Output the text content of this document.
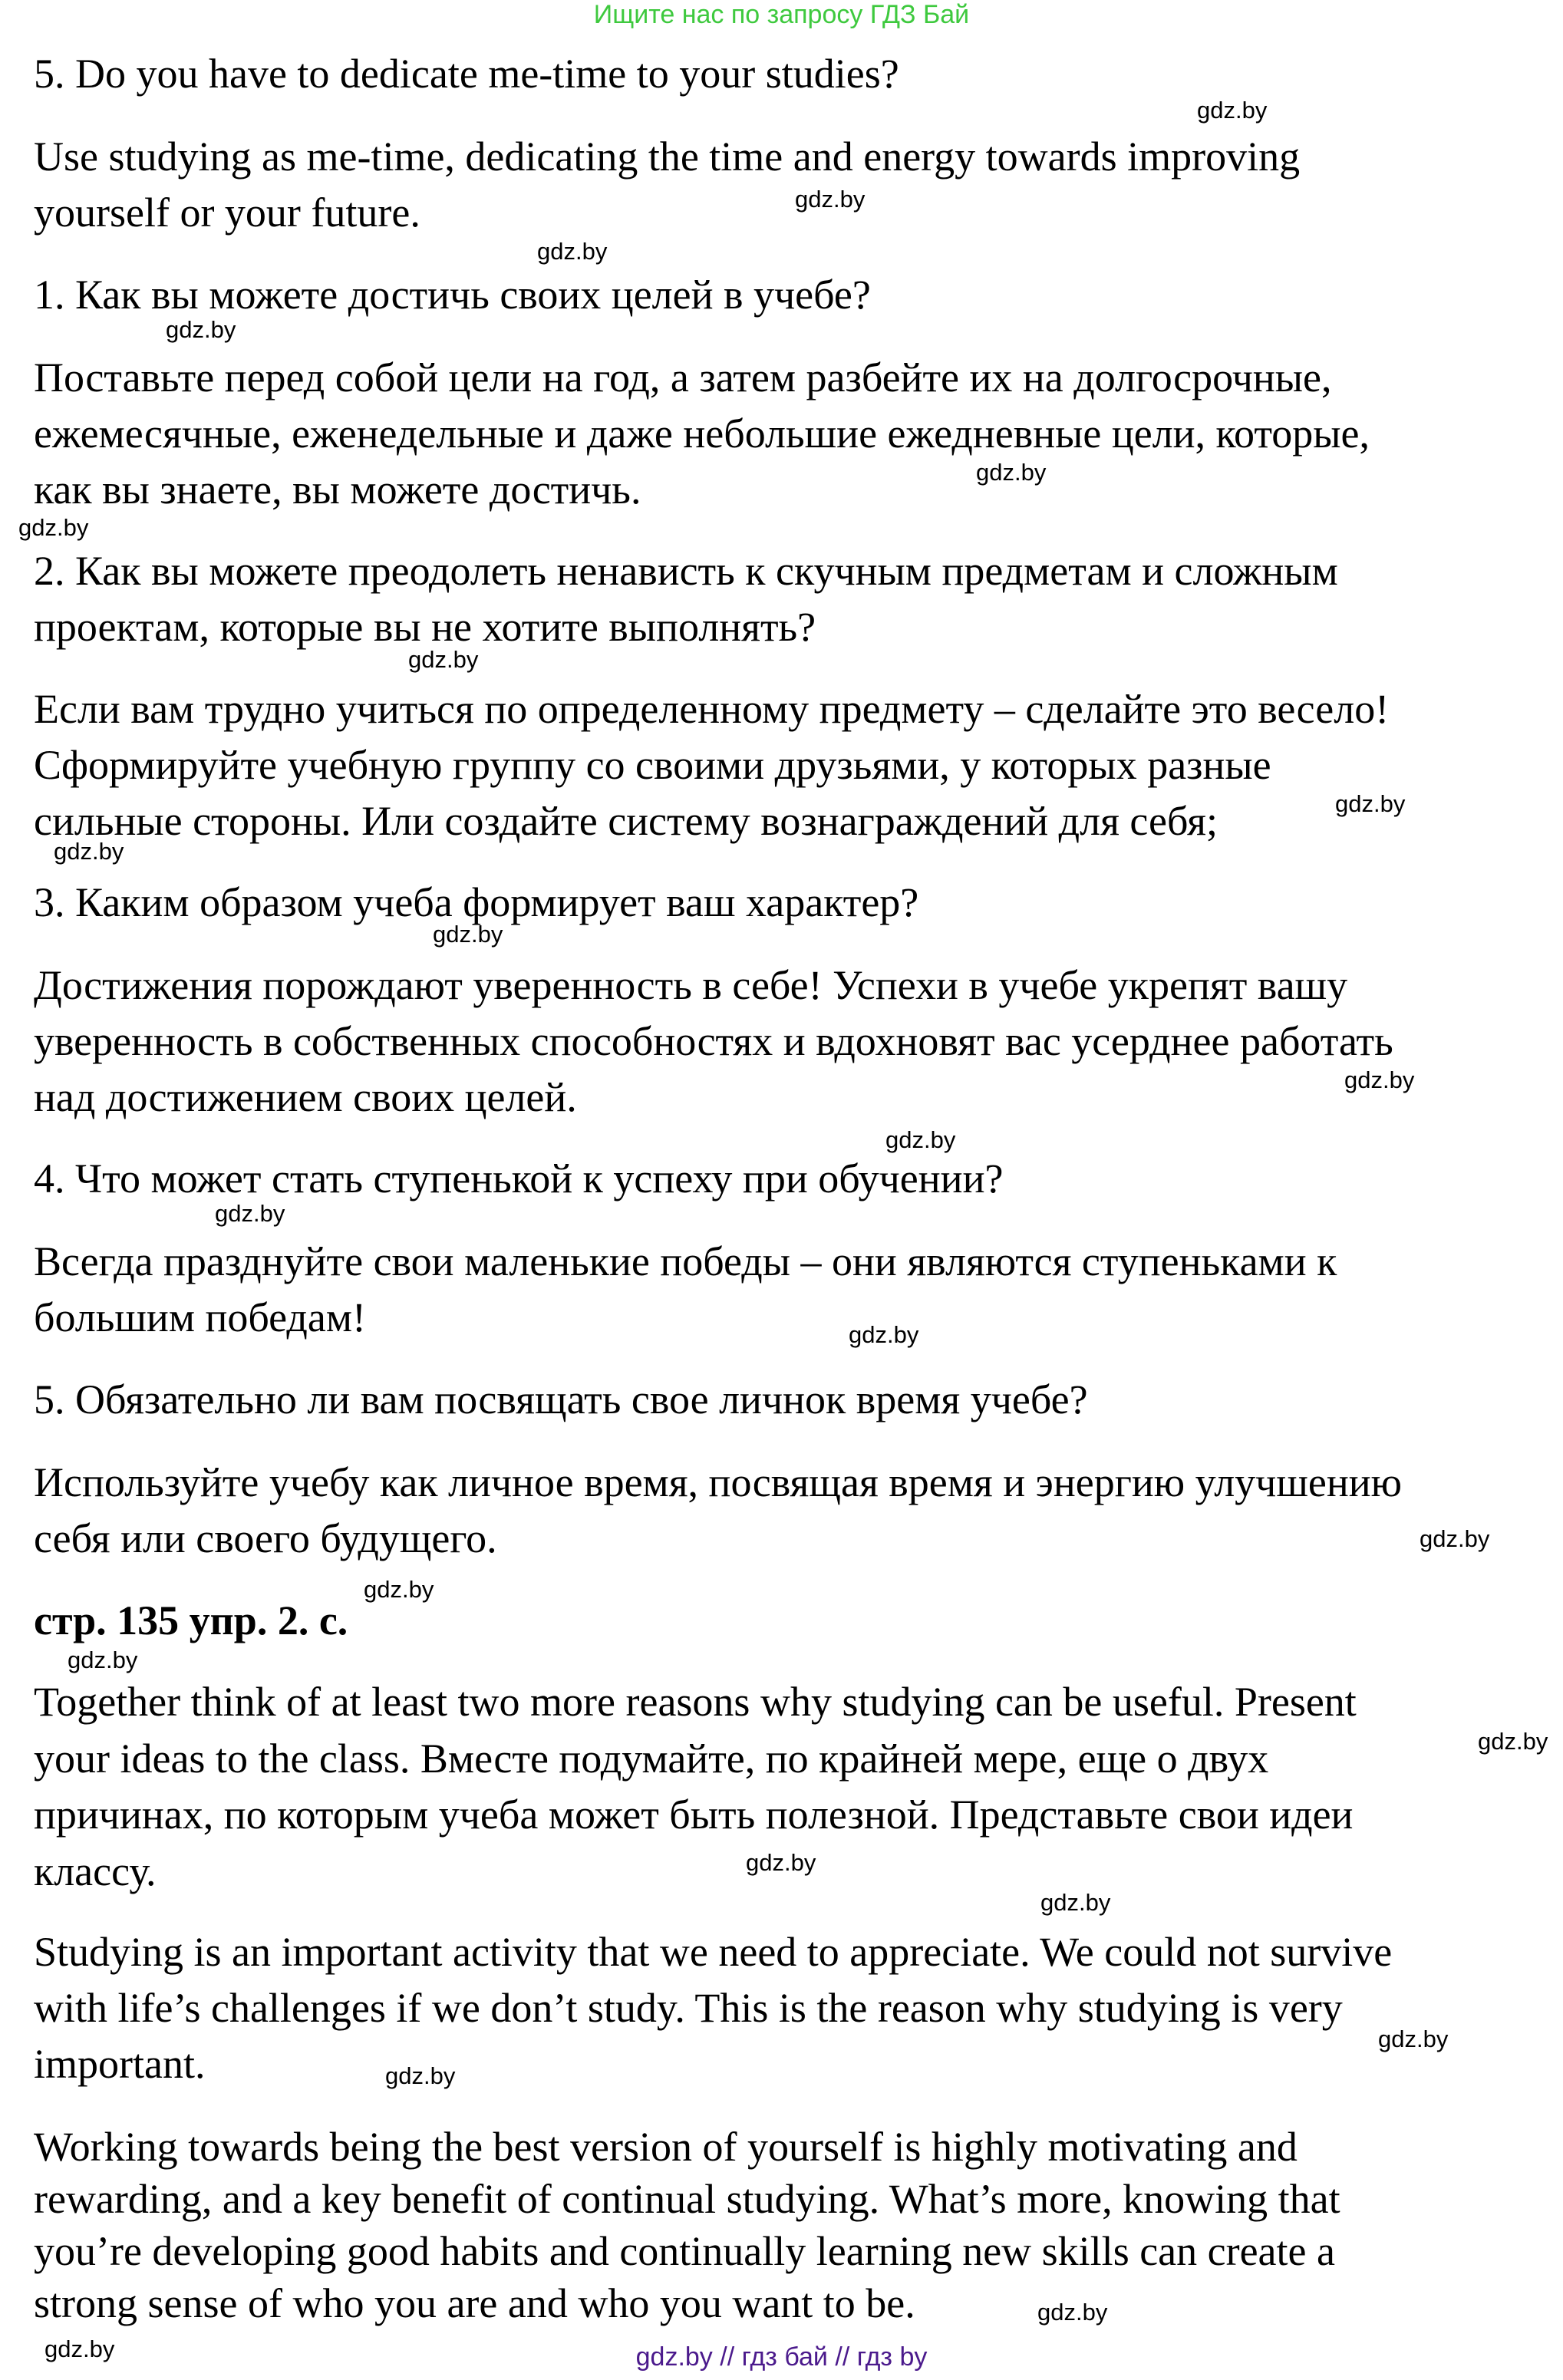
Ищите нас по запросу ГДЗ Бай
5. Do you have to dedicate me-time to your studies?
Use studying as me-time, dedicating the time and energy towards improving
yourself or your future.
1. Как вы можете достичь своих целей в учебе?
Поставьте перед собой цели на год, а затем разбейте их на долгосрочные,
ежемесячные, еженедельные и даже небольшие ежедневные цели, которые,
как вы знаете, вы можете достичь.
2. Как вы можете преодолеть ненависть к скучным предметам и сложным
проектам, которые вы не хотите выполнять?
Если вам трудно учиться по определенному предмету – сделайте это весело!
Сформируйте учебную группу со своими друзьями, у которых разные
сильные стороны. Или создайте систему вознаграждений для себя;
3. Каким образом учеба формирует ваш характер?
Достижения порождают уверенность в себе! Успехи в учебе укрепят вашу
уверенность в собственных способностях и вдохновят вас усерднее работать
над достижением своих целей.
4. Что может стать ступенькой к успеху при обучении?
Всегда празднуйте свои маленькие победы – они являются ступеньками к
большим победам!
5. Обязательно ли вам посвящать свое личнок время учебе?
Используйте учебу как личное время, посвящая время и энергию улучшению
себя или своего будущего.
стр. 135 упр. 2. с.
Together think of at least two more reasons why studying can be useful. Present
your ideas to the class. Вместе подумайте, по крайней мере, еще о двух
причинах, по которым учеба может быть полезной. Представьте свои идеи
классу.
Studying is an important activity that we need to appreciate. We could not survive
with life’s challenges if we don’t study. This is the reason why studying is very
important.
Working towards being the best version of yourself is highly motivating and
rewarding, and a key benefit of continual studying. What’s more, knowing that
you’re developing good habits and continually learning new skills can create a
strong sense of who you are and who you want to be.
gdz.by
gdz.by
gdz.by
gdz.by
gdz.by
gdz.by
gdz.by
gdz.by
gdz.by
gdz.by
gdz.by
gdz.by
gdz.by
gdz.by
gdz.by
gdz.by
gdz.by
gdz.by
gdz.by
gdz.by
gdz.by
gdz.by
gdz.by
gdz.by	gdz.by // гдз бай // гдз by
